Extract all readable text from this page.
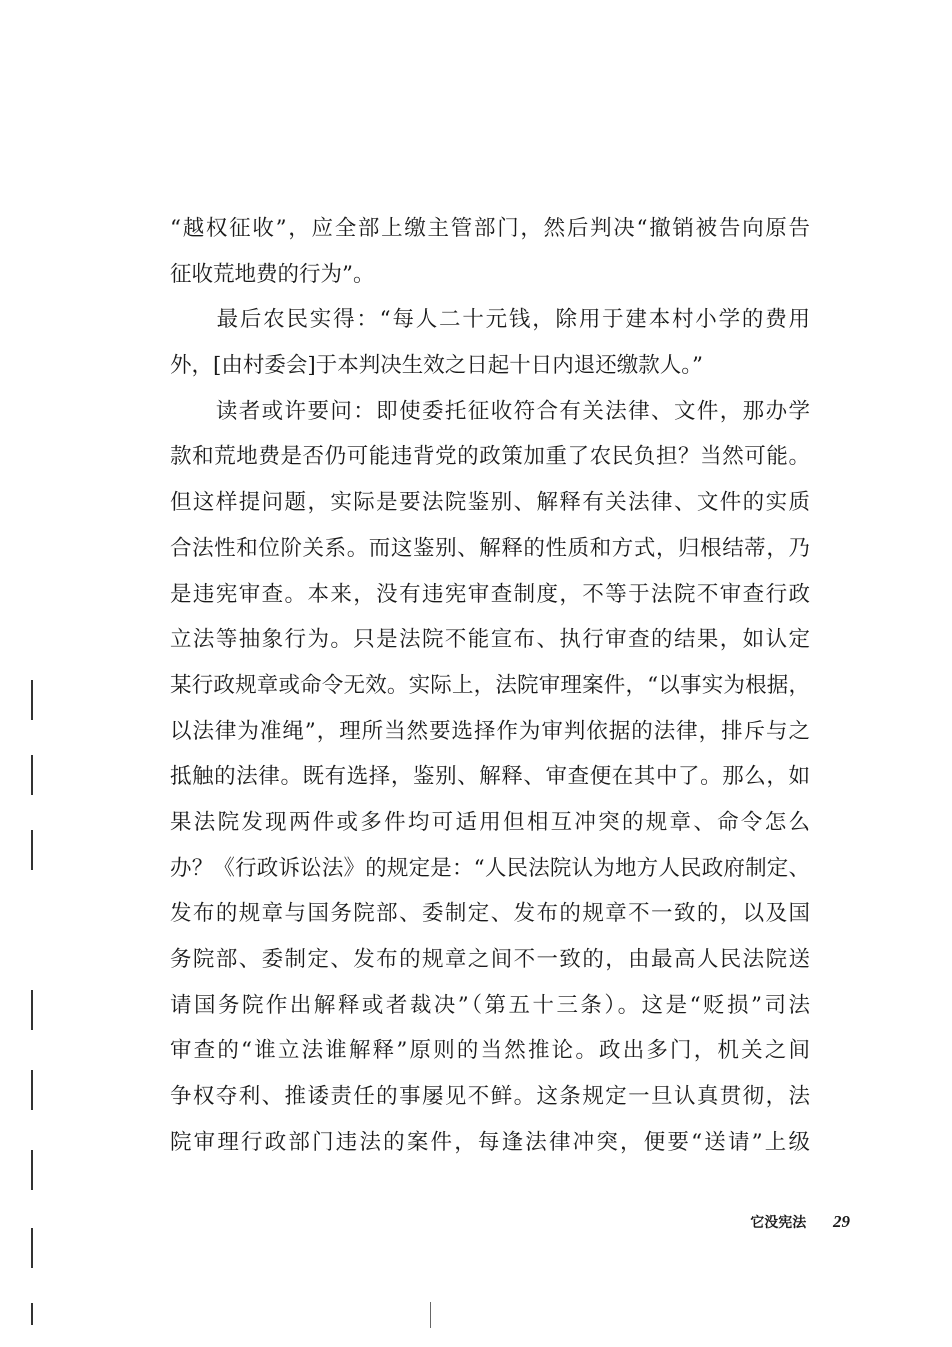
“越权征收”，应全部上缴主管部门，然后判决“撤销被告向原告
征收荒地费的行为”。
　　最后农民实得：“每人二十元钱，除用于建本村小学的费用
外，[由村委会]于本判决生效之日起十日内退还缴款人。”
　　读者或许要问：即使委托征收符合有关法律、文件，那办学
款和荒地费是否仍可能违背党的政策加重了农民负担？当然可能。
但这样提问题，实际是要法院鉴别、解释有关法律、文件的实质
合法性和位阶关系。而这鉴别、解释的性质和方式，归根结蒂，乃
是违宪审查。本来，没有违宪审查制度，不等于法院不审查行政
立法等抽象行为。只是法院不能宣布、执行审查的结果，如认定
某行政规章或命令无效。实际上，法院审理案件，“以事实为根据，
以法律为准绳”，理所当然要选择作为审判依据的法律，排斥与之
抵触的法律。既有选择，鉴别、解释、审查便在其中了。那么，如
果法院发现两件或多件均可适用但相互冲突的规章、命令怎么
办？《行政诉讼法》的规定是：“人民法院认为地方人民政府制定、
发布的规章与国务院部、委制定、发布的规章不一致的，以及国
务院部、委制定、发布的规章之间不一致的，由最高人民法院送
请国务院作出解释或者裁决”（第五十三条）。这是“贬损”司法
审查的“谁立法谁解释”原则的当然推论。政出多门，机关之间
争权夺利、推诿责任的事屡见不鲜。这条规定一旦认真贯彻，法
院审理行政部门违法的案件，每逢法律冲突，便要“送请”上级
它没宪法 29
